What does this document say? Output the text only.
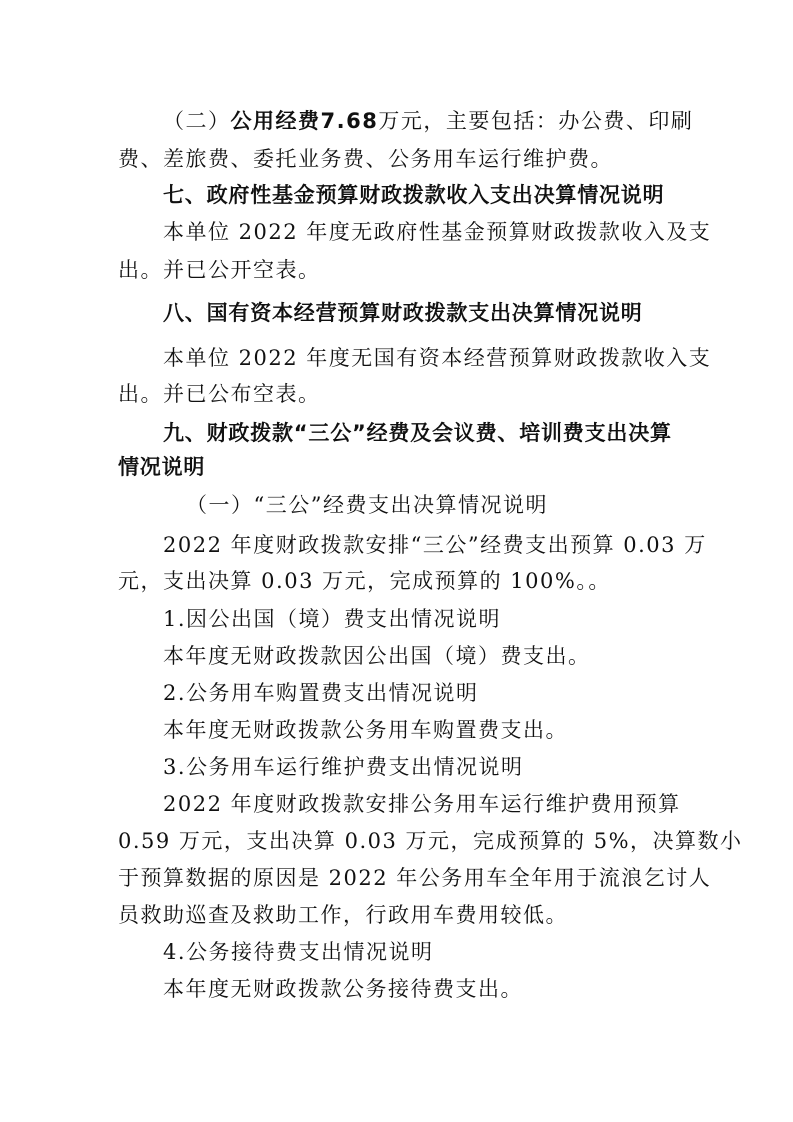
（二）公用经费7.68万元，主要包括：办公费、印刷
费、差旅费、委托业务费、公务用车运行维护费。
七、政府性基金预算财政拨款收入支出决算情况说明
本单位 2022 年度无政府性基金预算财政拨款收入及支
出。并已公开空表。
八、国有资本经营预算财政拨款支出决算情况说明
本单位 2022 年度无国有资本经营预算财政拨款收入支
出。并已公布空表。
九、财政拨款“三公”经费及会议费、培训费支出决算
情况说明
（一）“三公”经费支出决算情况说明
2022 年度财政拨款安排“三公”经费支出预算 0.03 万
元，支出决算 0.03 万元，完成预算的 100%。。
1.因公出国（境）费支出情况说明
本年度无财政拨款因公出国（境）费支出。
2.公务用车购置费支出情况说明
本年度无财政拨款公务用车购置费支出。
3.公务用车运行维护费支出情况说明
2022 年度财政拨款安排公务用车运行维护费用预算
0.59 万元，支出决算 0.03 万元，完成预算的 5%，决算数小
于预算数据的原因是 2022 年公务用车全年用于流浪乞讨人
员救助巡查及救助工作，行政用车费用较低。
4.公务接待费支出情况说明
本年度无财政拨款公务接待费支出。
